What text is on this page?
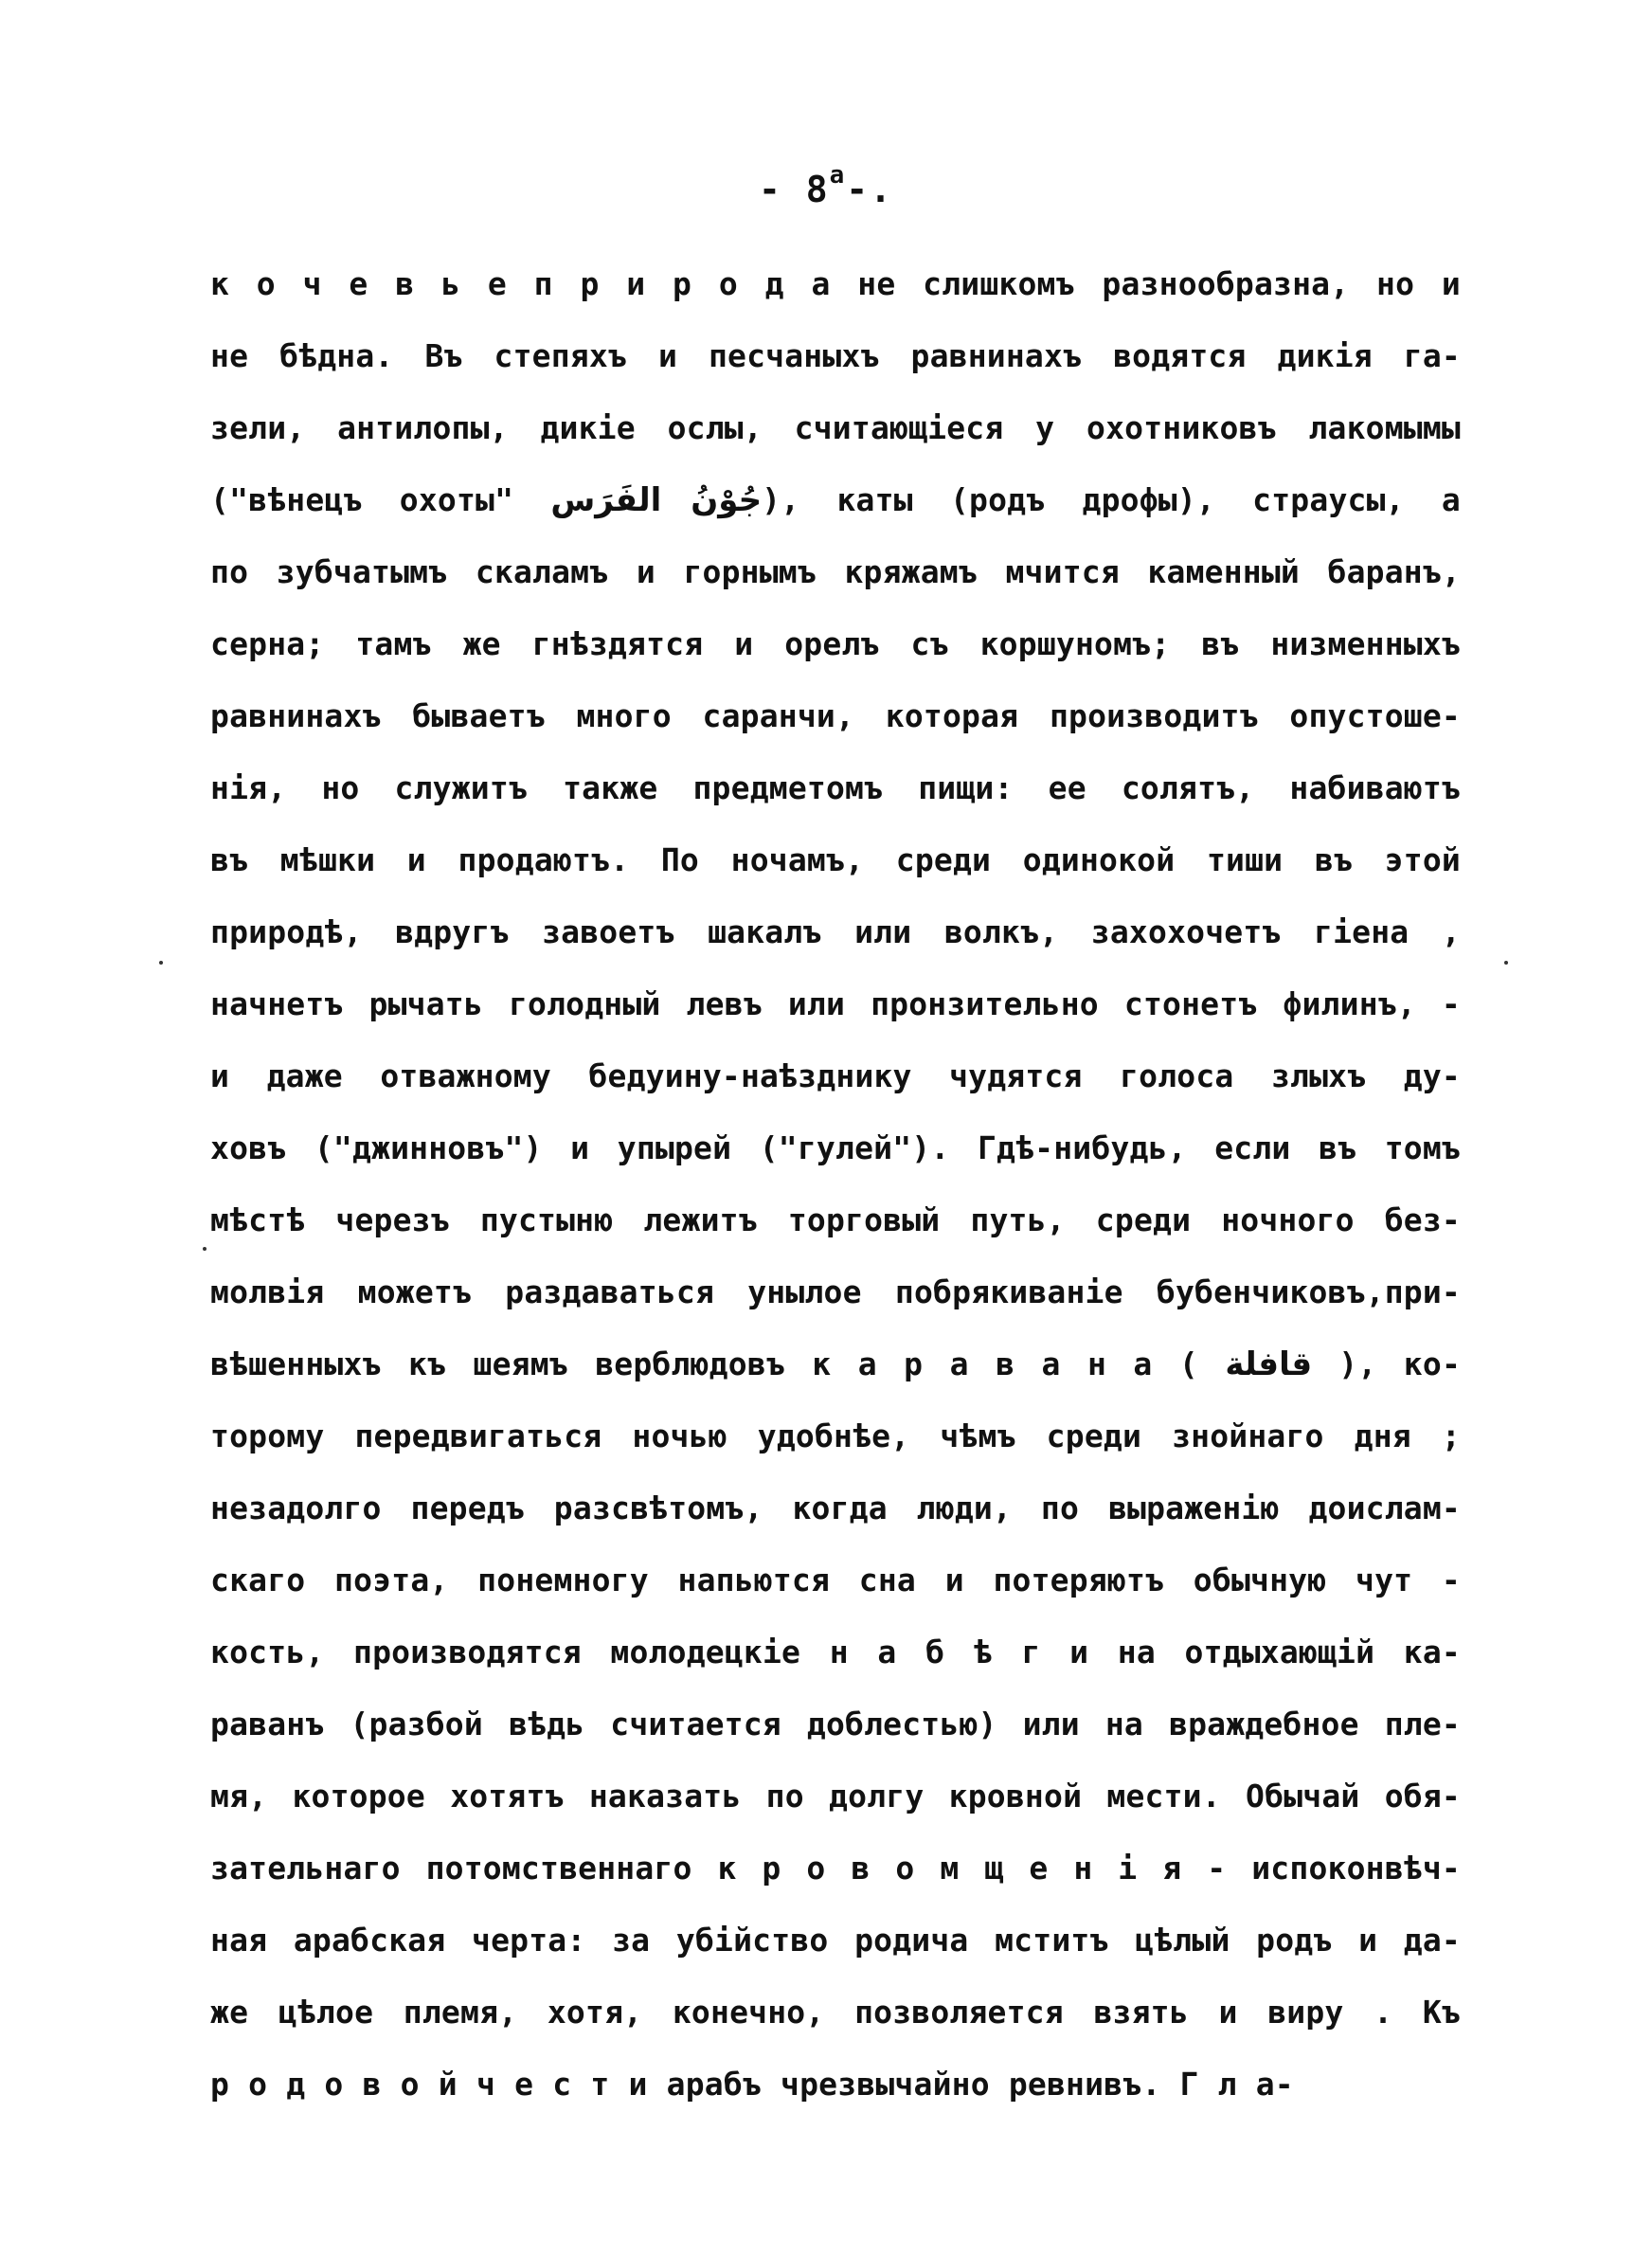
- $8^а-$.
к о ч е в ь е п р и р о д а не слишкомъ разнообразна, но и
не бѣдна. Въ степяхъ и песчаныхъ равнинахъ водятся дикія га-
зели, антилопы, дикіе ослы, считающіеся у охотниковъ лакомымы
("вѣнецъ охоты" جُوْنُ الفَرَس), каты (родъ дрофы), страусы, а
по зубчатымъ скаламъ и горнымъ кряжамъ мчится каменный баранъ,
серна; тамъ же гнѣздятся и орелъ съ коршуномъ; въ низменныхъ
равнинахъ бываетъ много саранчи, которая производитъ опустоше-
нія, но служитъ также предметомъ пищи: ее солятъ, набиваютъ
въ мѣшки и продаютъ. По ночамъ, среди одинокой тиши въ этой
природѣ, вдругъ завоетъ шакалъ или волкъ, захохочетъ гіена ,
начнетъ рычать голодный левъ или пронзительно стонетъ филинъ, -
и даже отважному бедуину-наѣзднику чудятся голоса злыхъ ду-
ховъ ("джинновъ") и упырей ("гулей"). Гдѣ-нибудь, если въ томъ
мѣстѣ черезъ пустыню лежитъ торговый путь, среди ночного без-
молвія можетъ раздаваться унылое побрякиваніе бубенчиковъ,при-
вѣшенныхъ къ шеямъ верблюдовъ к а р а в а н а ( قافلة ), ко-
торому передвигаться ночью удобнѣе, чѣмъ среди знойнаго дня ;
незадолго передъ разсвѣтомъ, когда люди, по выраженію доислам-
скаго поэта, понемногу напьются сна и потеряютъ обычную чут -
кость, производятся молодецкіе н а б ѣ г и на отдыхающій ка-
раванъ (разбой вѣдь считается доблестью) или на враждебное пле-
мя, которое хотятъ наказать по долгу кровной мести. Обычай обя-
зательнаго потомственнаго к р о в о м щ е н і я - испоконвѣч-
ная арабская черта: за убійство родича мститъ цѣлый родъ и да-
же цѣлое племя, хотя, конечно, позволяется взять и виру . Къ
р о д о в о й ч е с т и арабъ чрезвычайно ревнивъ. Г л а-
